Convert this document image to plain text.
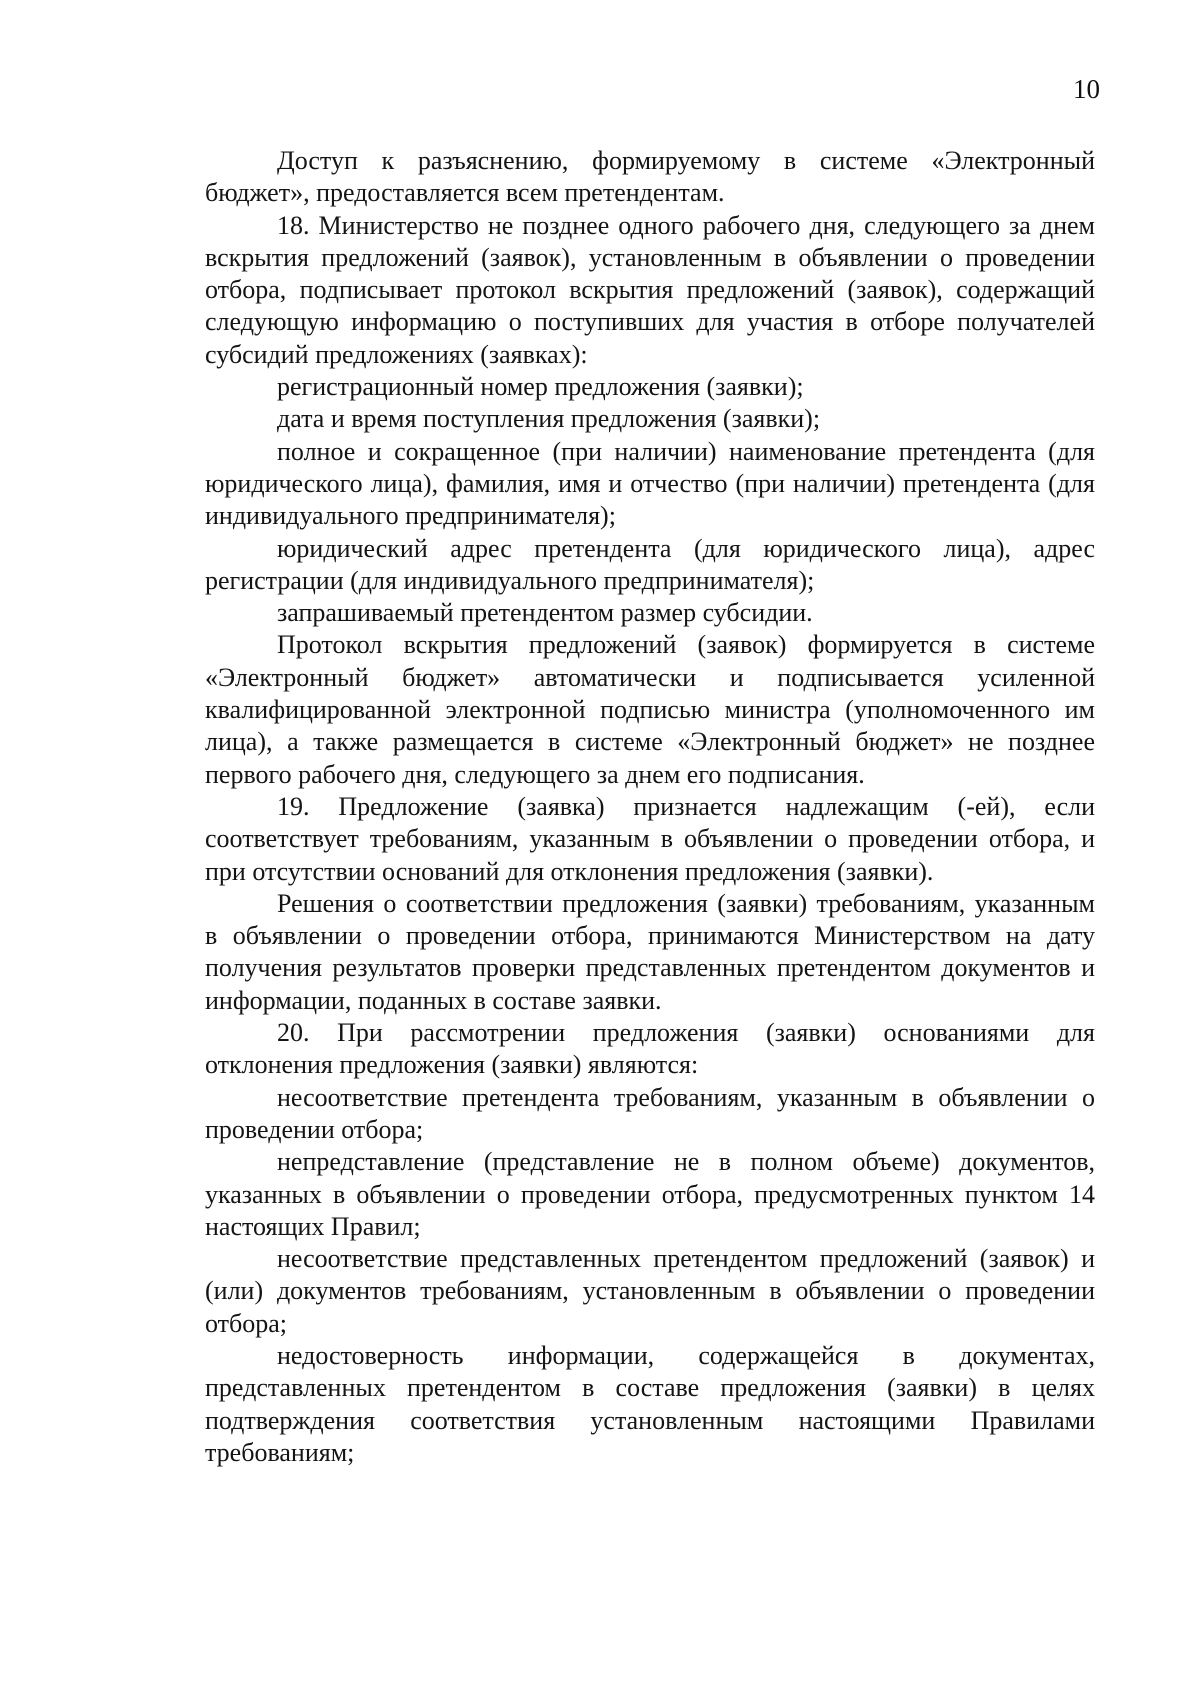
10

Доступ к разъяснению, формируемому в системе «Электронный бюджет», предоставляется всем претендентам.

18. Министерство не позднее одного рабочего дня, следующего за днем вскрытия предложений (заявок), установленным в объявлении о проведении отбора, подписывает протокол вскрытия предложений (заявок), содержащий следующую информацию о поступивших для участия в отборе получателей субсидий предложениях (заявках):

регистрационный номер предложения (заявки);

дата и время поступления предложения (заявки);

полное и сокращенное (при наличии) наименование претендента (для юридического лица), фамилия, имя и отчество (при наличии) претендента (для индивидуального предпринимателя);

юридический адрес претендента (для юридического лица), адрес регистрации (для индивидуального предпринимателя);

запрашиваемый претендентом размер субсидии.

Протокол вскрытия предложений (заявок) формируется в системе «Электронный бюджет» автоматически и подписывается усиленной квалифицированной электронной подписью министра (уполномоченного им лица), а также размещается в системе «Электронный бюджет» не позднее первого рабочего дня, следующего за днем его подписания.

19. Предложение (заявка) признается надлежащим (-ей), если соответствует требованиям, указанным в объявлении о проведении отбора, и при отсутствии оснований для отклонения предложения (заявки).

Решения о соответствии предложения (заявки) требованиям, указанным в объявлении о проведении отбора, принимаются Министерством на дату получения результатов проверки представленных претендентом документов и информации, поданных в составе заявки.

20. При рассмотрении предложения (заявки) основаниями для отклонения предложения (заявки) являются:

несоответствие претендента требованиям, указанным в объявлении о проведении отбора;

непредставление (представление не в полном объеме) документов, указанных в объявлении о проведении отбора, предусмотренных пунктом 14 настоящих Правил;

несоответствие представленных претендентом предложений (заявок) и (или) документов требованиям, установленным в объявлении о проведении отбора;

недостоверность информации, содержащейся в документах, представленных претендентом в составе предложения (заявки) в целях подтверждения соответствия установленным настоящими Правилами требованиям;
